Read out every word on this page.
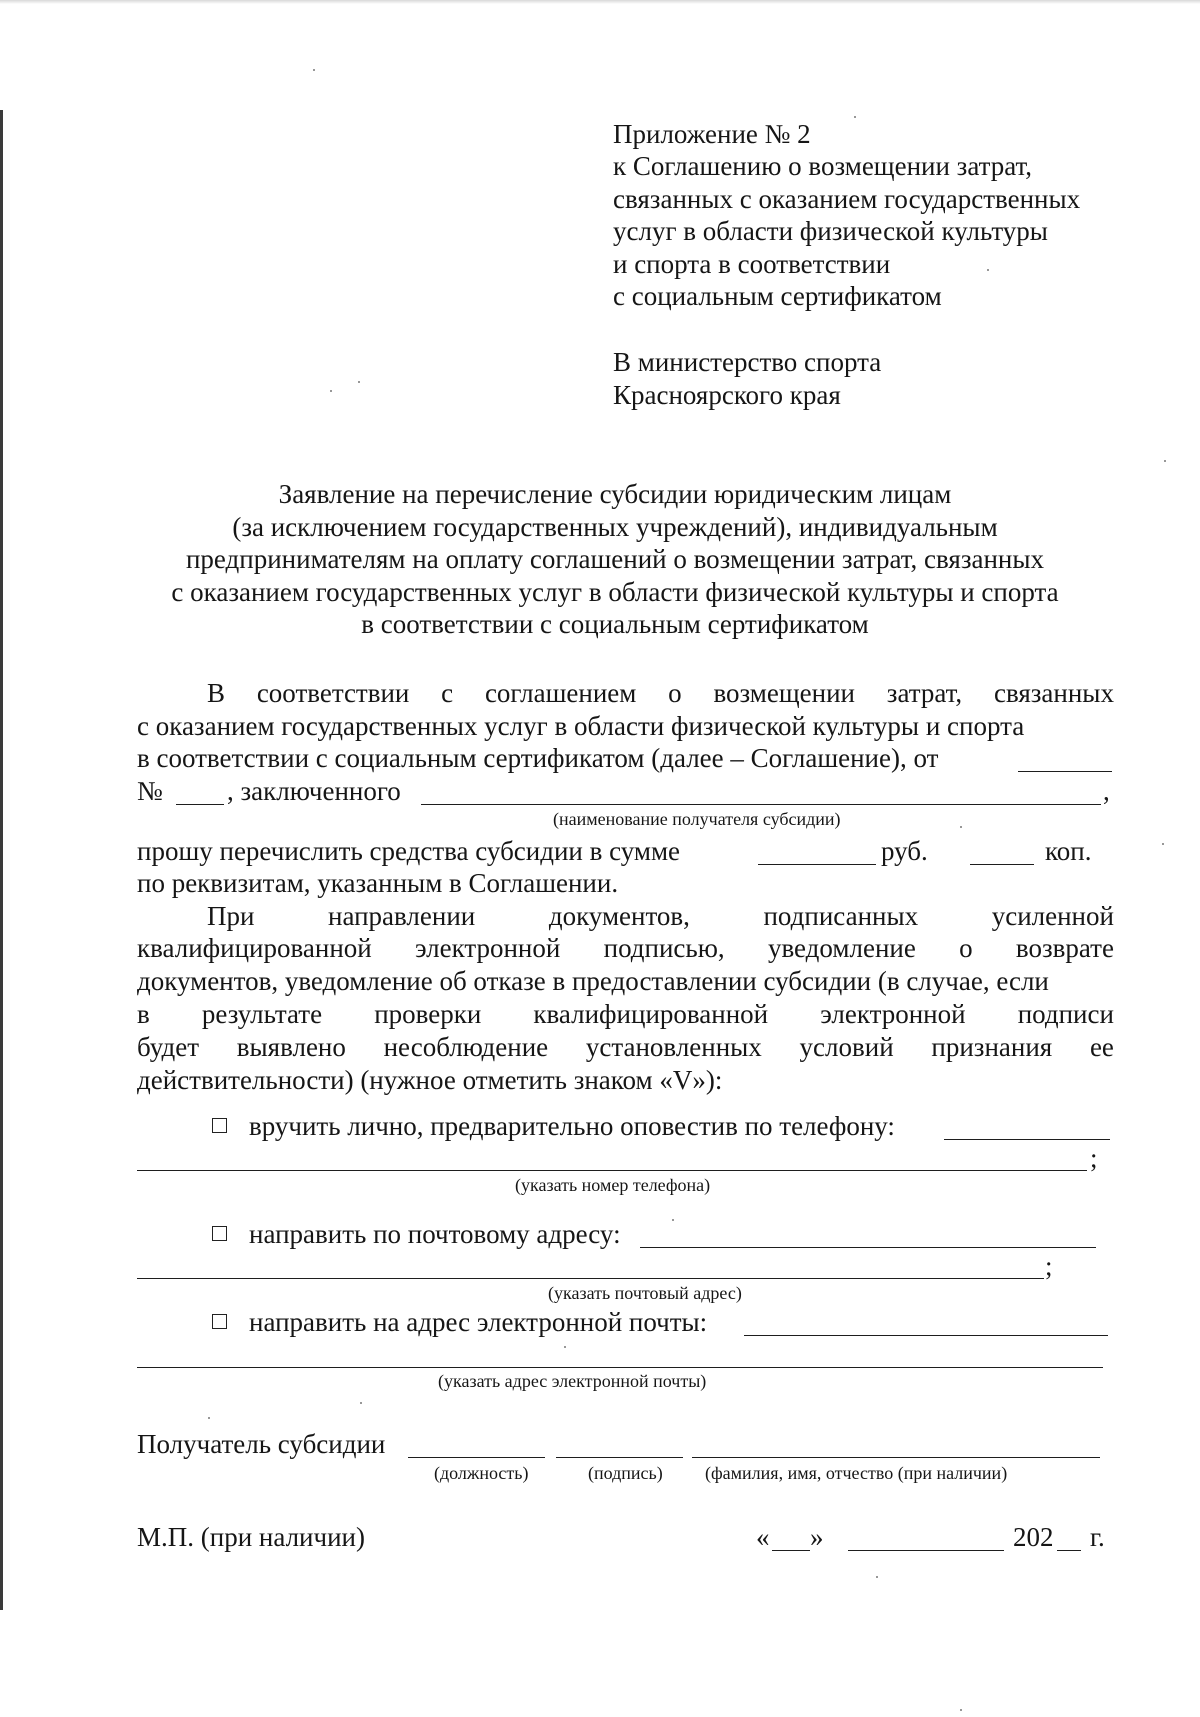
Приложение № 2
к Соглашению о возмещении затрат,
связанных с оказанием государственных
услуг в области физической культуры
и спорта в соответствии
с социальным сертификатом
В министерство спорта
Красноярского края
Заявление на перечисление субсидии юридическим лицам
(за исключением государственных учреждений), индивидуальным
предпринимателям на оплату соглашений о возмещении затрат, связанных
с оказанием государственных услуг в области физической культуры и спорта
в соответствии с социальным сертификатом
В соответствии с соглашением о возмещении затрат, связанных
с оказанием государственных услуг в области физической культуры и спорта
в соответствии с социальным сертификатом (далее – Соглашение), от
№ , заключенного	,
(наименование получателя субсидии)
прошу перечислить средства субсидии в сумме	руб.	коп.
по реквизитам, указанным в Соглашении.
При	направлении	документов,	подписанных	усиленной
квалифицированной электронной подписью, уведомление о возврате
документов, уведомление об отказе в предоставлении субсидии (в случае, если
в результате проверки квалифицированной электронной подписи
будет выявлено несоблюдение установленных условий признания ее
действительности) (нужное отметить знаком «V»):
вручить лично, предварительно оповестив по телефону:
;
(указать номер телефона)
направить по почтовому адресу:
;
(указать почтовый адрес)
направить на адрес электронной почты:
(указать адрес электронной почты)
Получатель субсидии
(должность)	(подпись) (фамилия, имя, отчество (при наличии)
М.П. (при наличии)	« »	202 г.
